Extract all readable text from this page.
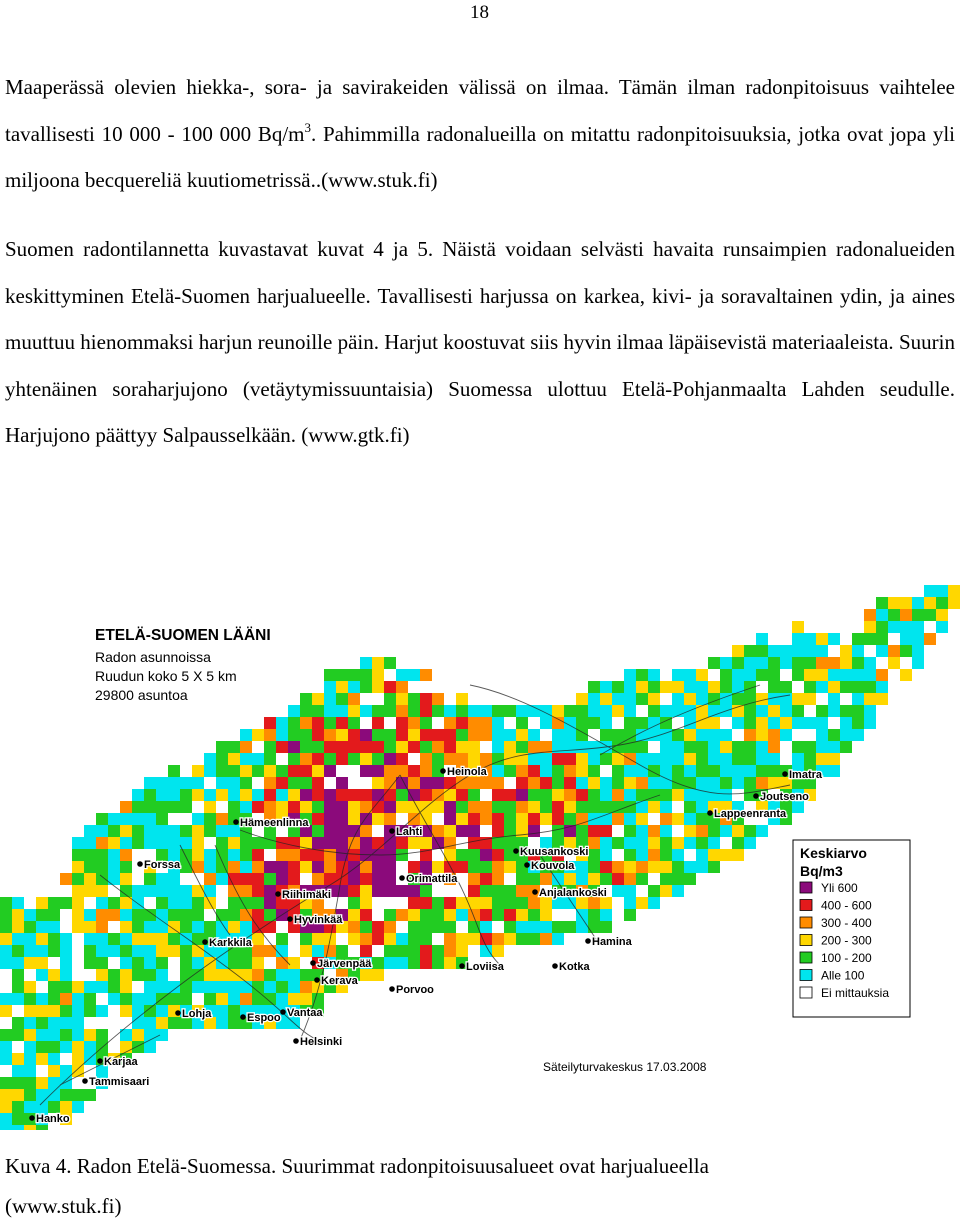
18

Maaperässä olevien hiekka-, sora- ja savirakeiden välissä on ilmaa. Tämän ilman radonpitoisuus vaihtelee tavallisesti 10 000 - 100 000 $Bq/m^3$. Pahimmilla radonalueilla on mitattu radonpitoisuuksia, jotka ovat jopa yli miljoona becquereliä kuutiometrissä..(www.stuk.fi)

Suomen radontilannetta kuvastavat kuvat 4 ja 5. Näistä voidaan selvästi havaita runsaimpien radonalueiden keskittyminen Etelä-Suomen harjualueelle. Tavallisesti harjussa on karkea, kivi- ja soravaltainen ydin, ja aines muuttuu hienommaksi harjun reunoille päin. Harjut koostuvat siis hyvin ilmaa läpäisevistä materiaaleista. Suurin yhtenäinen soraharjujono (vetäytymissuuntaisia) Suomessa ulottuu Etelä-Pohjanmaalta Lahden seudulle. Harjujono päättyy Salpausselkään. (www.gtk.fi)

Heinola	Imatra
Joutseno
Lappeenranta
Hämeenlinna
Lahti
Kuusankoski
Kouvola
Forssa
Orimattila
Anjalankoski
Riihimäki
Hyvinkää
Karkkila	Hamina
Järvenpää	Loviisa	Kotka
Kerava
Porvoo
Lohja	Espoo Vantaa
Helsinki
Karjaa
Tammisaari
Hanko
ETELÄ-SUOMEN LÄÄNI
Radon asunnoissa
Ruudun koko 5 X 5 km
29800 asuntoa
Keskiarvo
Bq/m3
Yli 600
400 - 600
300 - 400
200 - 300
100 - 200
Alle 100
Ei mittauksia
Säteilyturvakeskus 17.03.2008

Kuva 4. Radon Etelä-Suomessa. Suurimmat radonpitoisuusalueet ovat harjualueella
(www.stuk.fi)
